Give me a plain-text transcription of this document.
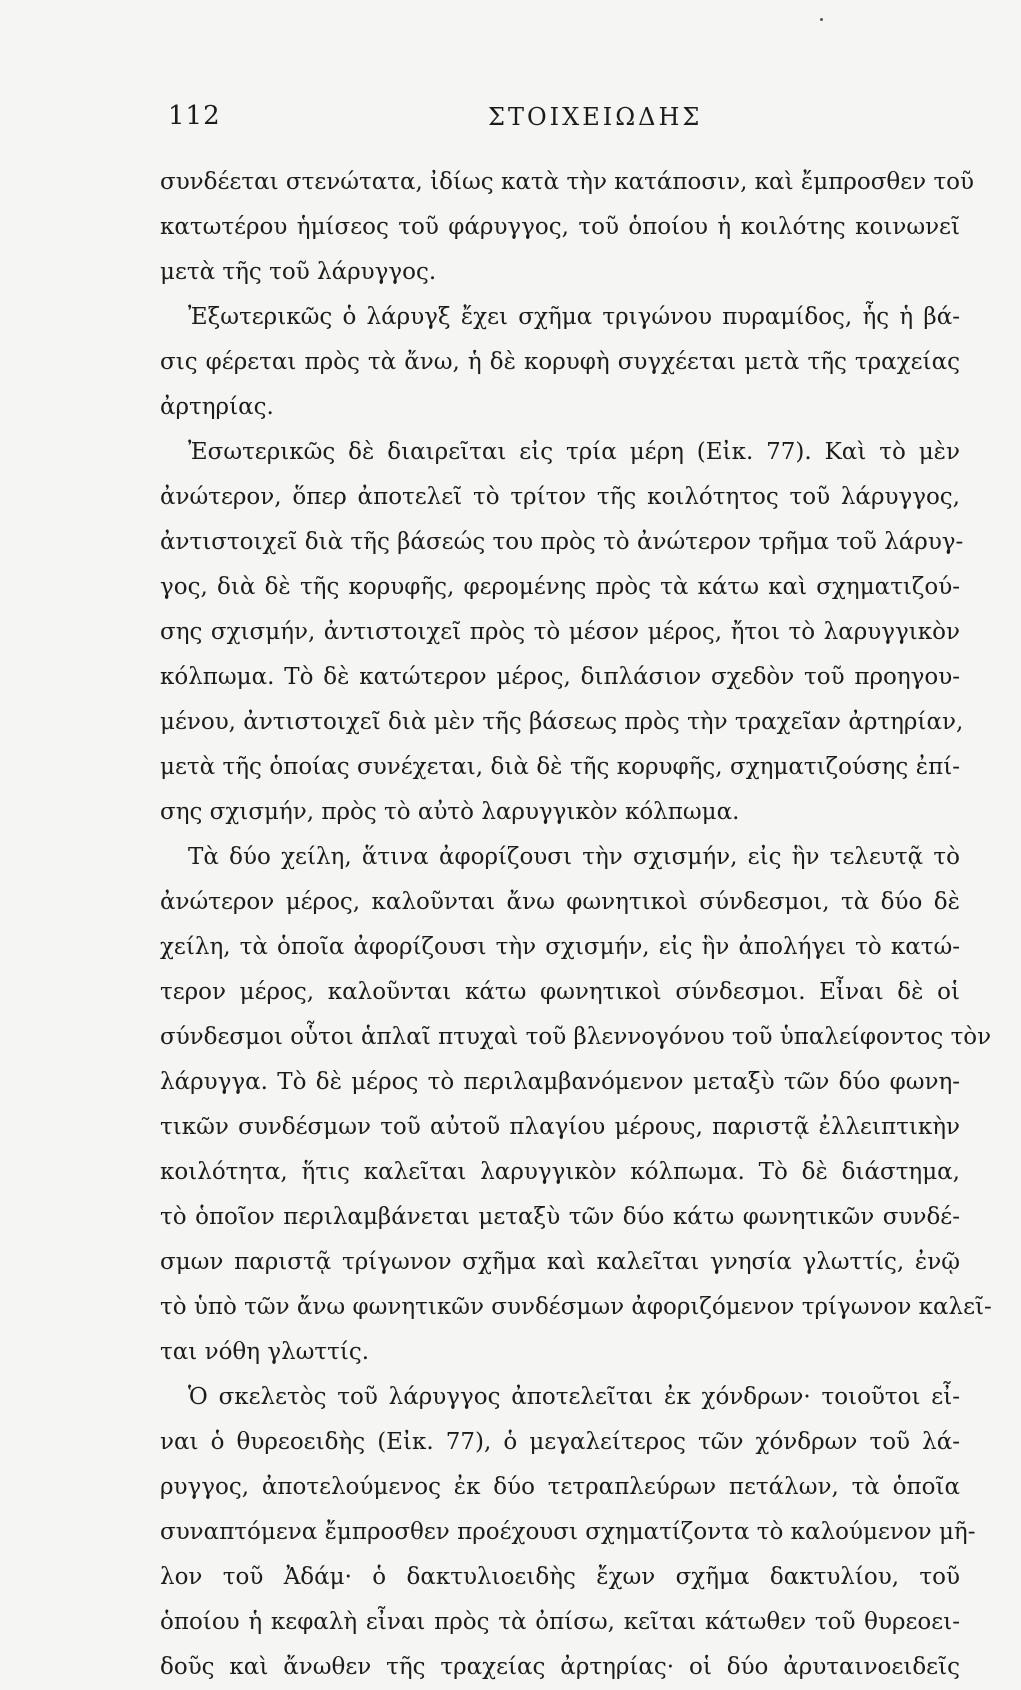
112	ΣΤΟΙΧΕΙΩΔΗΣ
συνδέεται στενώτατα, ἰδίως κατὰ τὴν κατάποσιν, καὶ ἔμπροσθεν τοῦ
κατωτέρου ἡμίσεος τοῦ φάρυγγος, τοῦ ὁποίου ἡ κοιλότης κοινωνεῖ
μετὰ τῆς τοῦ λάρυγγος.
Ἐξωτερικῶς ὁ λάρυγξ ἔχει σχῆμα τριγώνου πυραμίδος, ἧς ἡ βά-
σις φέρεται πρὸς τὰ ἄνω, ἡ δὲ κορυφὴ συγχέεται μετὰ τῆς τραχείας
ἀρτηρίας.
Ἐσωτερικῶς δὲ διαιρεῖται εἰς τρία μέρη (Εἰκ. 77). Καὶ τὸ μὲν
ἀνώτερον, ὅπερ ἀποτελεῖ τὸ τρίτον τῆς κοιλότητος τοῦ λάρυγγος,
ἀντιστοιχεῖ διὰ τῆς βάσεώς του πρὸς τὸ ἀνώτερον τρῆμα τοῦ λάρυγ-
γος, διὰ δὲ τῆς κορυφῆς, φερομένης πρὸς τὰ κάτω καὶ σχηματιζού-
σης σχισμήν, ἀντιστοιχεῖ πρὸς τὸ μέσον μέρος, ἤτοι τὸ λαρυγγικὸν
κόλπωμα. Τὸ δὲ κατώτερον μέρος, διπλάσιον σχεδὸν τοῦ προηγου-
μένου, ἀντιστοιχεῖ διὰ μὲν τῆς βάσεως πρὸς τὴν τραχεῖαν ἀρτηρίαν,
μετὰ τῆς ὁποίας συνέχεται, διὰ δὲ τῆς κορυφῆς, σχηματιζούσης ἐπί-
σης σχισμήν, πρὸς τὸ αὐτὸ λαρυγγικὸν κόλπωμα.
Τὰ δύο χείλη, ἅτινα ἀφορίζουσι τὴν σχισμήν, εἰς ἣν τελευτᾷ τὸ
ἀνώτερον μέρος, καλοῦνται ἄνω φωνητικοὶ σύνδεσμοι, τὰ δύο δὲ
χείλη, τὰ ὁποῖα ἀφορίζουσι τὴν σχισμήν, εἰς ἣν ἀπολήγει τὸ κατώ-
τερον μέρος, καλοῦνται κάτω φωνητικοὶ σύνδεσμοι. Εἶναι δὲ οἱ
σύνδεσμοι οὗτοι ἁπλαῖ πτυχαὶ τοῦ βλεννογόνου τοῦ ὑπαλείφοντος τὸν
λάρυγγα. Τὸ δὲ μέρος τὸ περιλαμβανόμενον μεταξὺ τῶν δύο φωνη-
τικῶν συνδέσμων τοῦ αὐτοῦ πλαγίου μέρους, παριστᾷ ἐλλειπτικὴν
κοιλότητα, ἥτις καλεῖται λαρυγγικὸν κόλπωμα. Τὸ δὲ διάστημα,
τὸ ὁποῖον περιλαμβάνεται μεταξὺ τῶν δύο κάτω φωνητικῶν συνδέ-
σμων παριστᾷ τρίγωνον σχῆμα καὶ καλεῖται γνησία γλωττίς, ἐνῷ
τὸ ὑπὸ τῶν ἄνω φωνητικῶν συνδέσμων ἀφοριζόμενον τρίγωνον καλεῖ-
ται νόθη γλωττίς.
Ὁ σκελετὸς τοῦ λάρυγγος ἀποτελεῖται ἐκ χόνδρων· τοιοῦτοι εἶ-
ναι ὁ θυρεοειδὴς (Εἰκ. 77), ὁ μεγαλείτερος τῶν χόνδρων τοῦ λά-
ρυγγος, ἀποτελούμενος ἐκ δύο τετραπλεύρων πετάλων, τὰ ὁποῖα
συναπτόμενα ἔμπροσθεν προέχουσι σχηματίζοντα τὸ καλούμενον μῆ-
λον τοῦ Ἀδάμ· ὁ δακτυλιοειδὴς ἔχων σχῆμα δακτυλίου, τοῦ
ὁποίου ἡ κεφαλὴ εἶναι πρὸς τὰ ὀπίσω, κεῖται κάτωθεν τοῦ θυρεοει-
δοῦς καὶ ἄνωθεν τῆς τραχείας ἀρτηρίας· οἱ δύο ἀρυταινοειδεῖς
